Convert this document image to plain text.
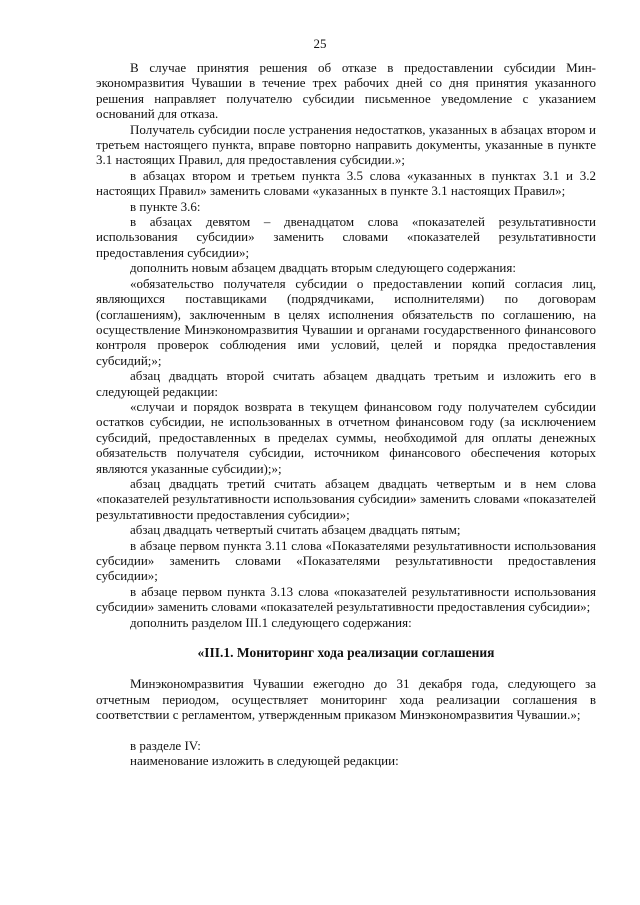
25

В случае принятия решения об отказе в предоставлении субсидии Минэкономразвития Чувашии в течение трех рабочих дней со дня принятия указанного решения направляет получателю субсидии письменное уведомление с указанием оснований для отказа.

Получатель субсидии после устранения недостатков, указанных в абзацах втором и третьем настоящего пункта, вправе повторно направить документы, указанные в пункте 3.1 настоящих Правил, для предоставления субсидии.»;

в абзацах втором и третьем пункта 3.5 слова «указанных в пунктах 3.1 и 3.2 настоящих Правил» заменить словами «указанных в пункте 3.1 настоящих Правил»;

в пункте 3.6:

в абзацах девятом – двенадцатом слова «показателей результативности использования субсидии» заменить словами «показателей результативности предоставления субсидии»;

дополнить новым абзацем двадцать вторым следующего содержания:

«обязательство получателя субсидии о предоставлении копий согласия лиц, являющихся поставщиками (подрядчиками, исполнителями) по договорам (соглашениям), заключенным в целях исполнения обязательств по соглашению, на осуществление Минэкономразвития Чувашии и органами государственного финансового контроля проверок соблюдения ими условий, целей и порядка предоставления субсидий;»;

абзац двадцать второй считать абзацем двадцать третьим и изложить его в следующей редакции:

«случаи и порядок возврата в текущем финансовом году получателем субсидии остатков субсидии, не использованных в отчетном финансовом году (за исключением субсидий, предоставленных в пределах суммы, необходимой для оплаты денежных обязательств получателя субсидии, источником финансового обеспечения которых являются указанные субсидии);»;

абзац двадцать третий считать абзацем двадцать четвертым и в нем слова «показателей результативности использования субсидии» заменить словами «показателей результативности предоставления субсидии»;

абзац двадцать четвертый считать абзацем двадцать пятым;

в абзаце первом пункта 3.11 слова «Показателями результативности использования субсидии» заменить словами «Показателями результативности предоставления субсидии»;

в абзаце первом пункта 3.13 слова «показателей результативности использования субсидии» заменить словами «показателей результативности предоставления субсидии»;

дополнить разделом III.1 следующего содержания:

«III.1. Мониторинг хода реализации соглашения

Минэкономразвития Чувашии ежегодно до 31 декабря года, следующего за отчетным периодом, осуществляет мониторинг хода реализации соглашения в соответствии с регламентом, утвержденным приказом Минэкономразвития Чувашии.»;

в разделе IV:

наименование изложить в следующей редакции:
